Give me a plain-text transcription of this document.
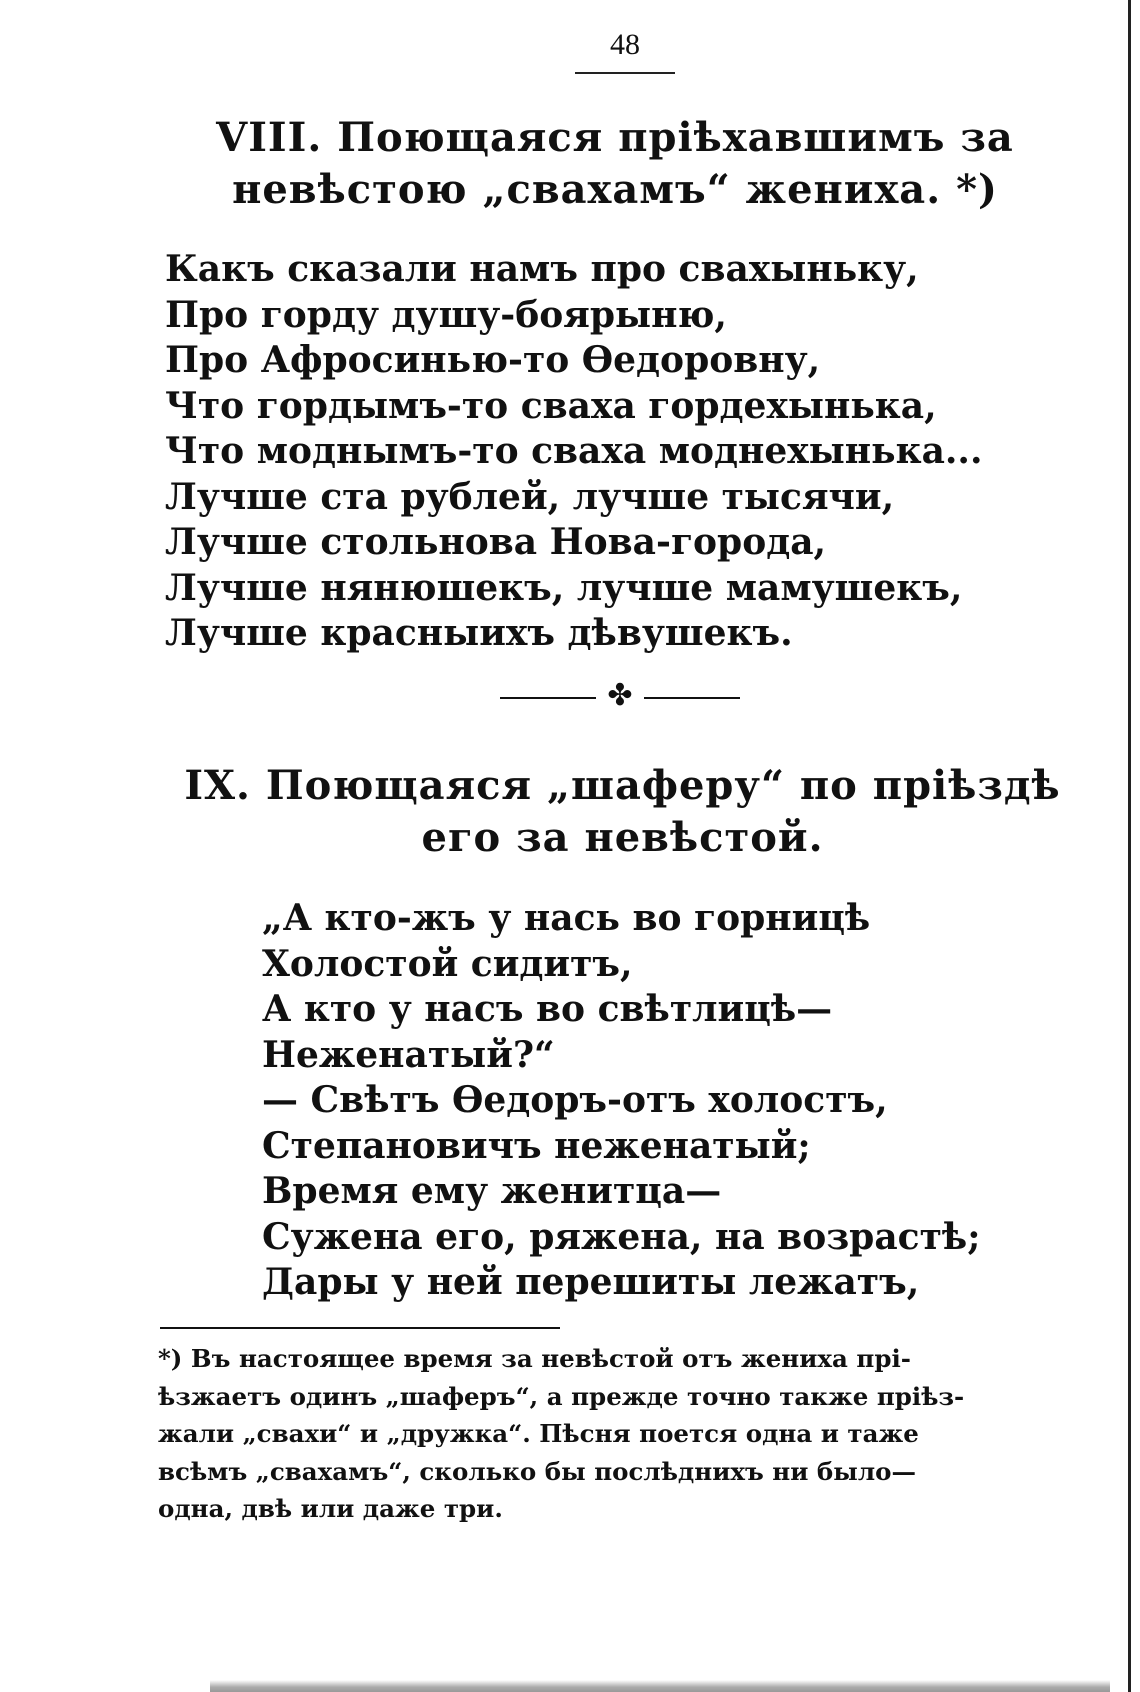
48
VIII. Поющаяся пріѣхавшимъ за
невѣстою „свахамъ“ жениха. *)
Какъ сказали намъ про свахыньку,
Про горду душу-боярыню,
Про Афросинью-то Ѳедоровну,
Что гордымъ-то сваха гордехынька,
Что моднымъ-то сваха моднехынька...
Лучше ста рублей, лучше тысячи,
Лучше стольнова Нова-города,
Лучше нянюшекъ, лучше мамушекъ,
Лучше красныихъ дѣвушекъ.
✤
IX. Поющаяся „шаферу“ по пріѣздѣ
его за невѣстой.
„А кто-жъ у нась во горницѣ
Холостой сидитъ,
А кто у насъ во свѣтлицѣ—
Неженатый?“
— Свѣтъ Ѳедоръ-отъ холостъ,
Степановичъ неженатый;
Время ему женитца—
Сужена его, ряжена, на возрастѣ;
Дары у ней перешиты лежатъ,
*) Въ настоящее время за невѣстой отъ жениха прі-
ѣзжаетъ одинъ „шаферъ“, а прежде точно также пріѣз-
жали „свахи“ и „дружка“. Пѣсня поется одна и таже
всѣмъ „свахамъ“, сколько бы послѣднихъ ни было—
одна, двѣ или даже три.
